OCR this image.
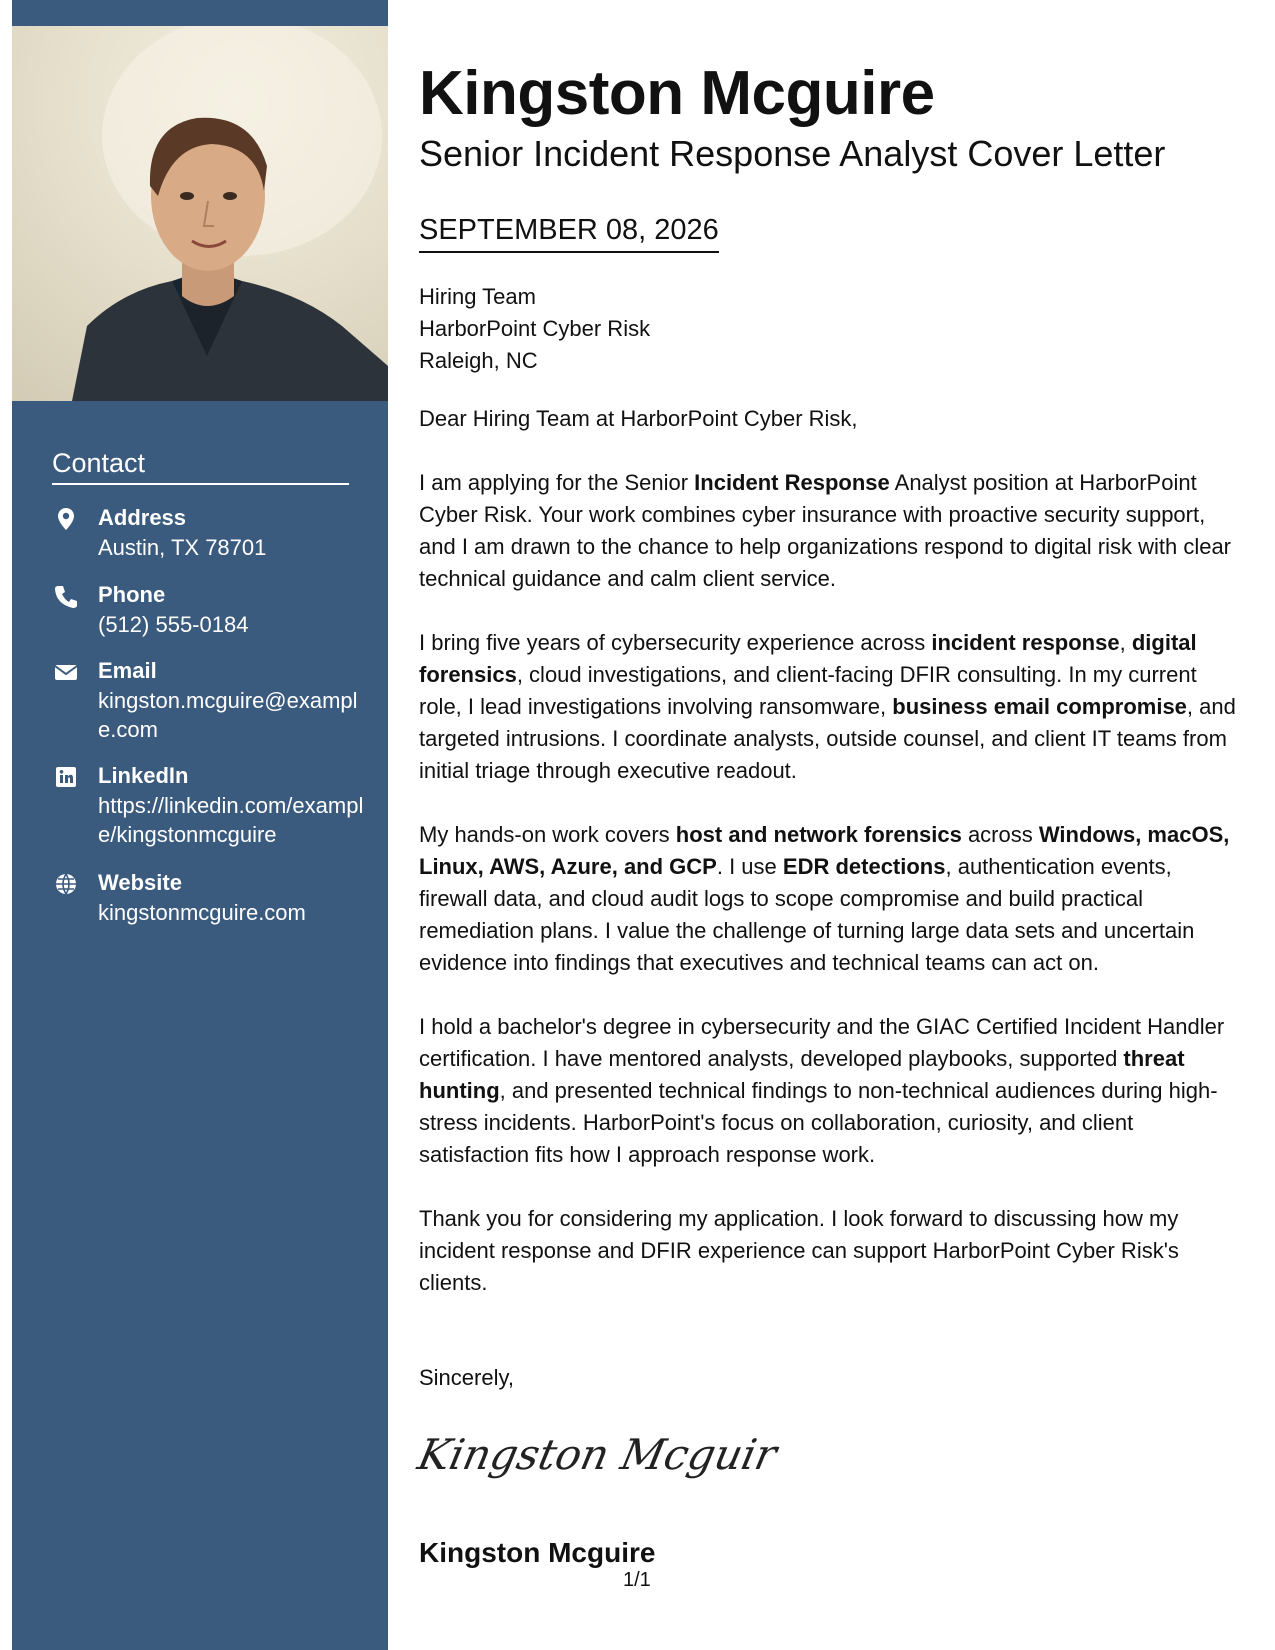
Contact
Address
Austin, TX 78701
Phone
(512) 555-0184
Email
kingston.mcguire@example.com
LinkedIn
https://linkedin.com/example/kingstonmcguire
Website
kingstonmcguire.com
Kingston Mcguire
Senior Incident Response Analyst Cover Letter
SEPTEMBER 08, 2026
Hiring Team
HarborPoint Cyber Risk
Raleigh, NC

Dear Hiring Team at HarborPoint Cyber Risk,

I am applying for the Senior Incident Response Analyst position at HarborPoint Cyber Risk. Your work combines cyber insurance with proactive security support, and I am drawn to the chance to help organizations respond to digital risk with clear technical guidance and calm client service.

I bring five years of cybersecurity experience across incident response, digital forensics, cloud investigations, and client-facing DFIR consulting. In my current role, I lead investigations involving ransomware, business email compromise, and targeted intrusions. I coordinate analysts, outside counsel, and client IT teams from initial triage through executive readout.

My hands-on work covers host and network forensics across Windows, macOS, Linux, AWS, Azure, and GCP. I use EDR detections, authentication events, firewall data, and cloud audit logs to scope compromise and build practical remediation plans. I value the challenge of turning large data sets and uncertain evidence into findings that executives and technical teams can act on.

I hold a bachelor's degree in cybersecurity and the GIAC Certified Incident Handler certification. I have mentored analysts, developed playbooks, supported threat hunting, and presented technical findings to non-technical audiences during high-stress incidents. HarborPoint's focus on collaboration, curiosity, and client satisfaction fits how I approach response work.

Thank you for considering my application. I look forward to discussing how my incident response and DFIR experience can support HarborPoint Cyber Risk's clients.

Sincerely,
Kingston Mcguir
Kingston Mcguire
1/1
